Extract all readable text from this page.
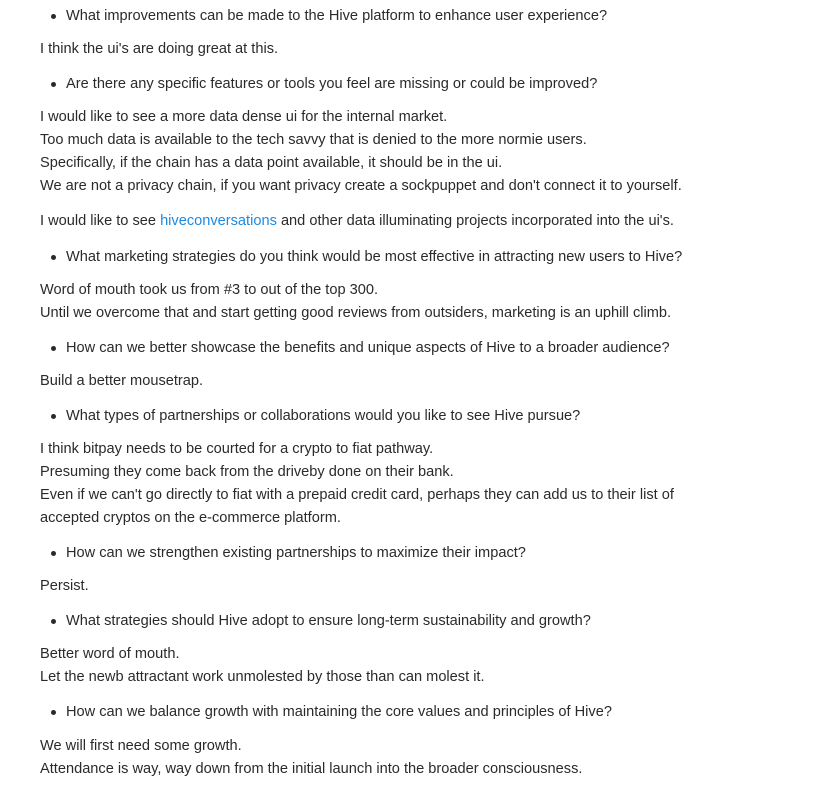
What improvements can be made to the Hive platform to enhance user experience?
I think the ui's are doing great at this.
Are there any specific features or tools you feel are missing or could be improved?
I would like to see a more data dense ui for the internal market.
Too much data is available to the tech savvy that is denied to the more normie users.
Specifically, if the chain has a data point available, it should be in the ui.
We are not a privacy chain, if you want privacy create a sockpuppet and don't connect it to yourself.
I would like to see hiveconversations and other data illuminating projects incorporated into the ui's.
What marketing strategies do you think would be most effective in attracting new users to Hive?
Word of mouth took us from #3 to out of the top 300.
Until we overcome that and start getting good reviews from outsiders, marketing is an uphill climb.
How can we better showcase the benefits and unique aspects of Hive to a broader audience?
Build a better mousetrap.
What types of partnerships or collaborations would you like to see Hive pursue?
I think bitpay needs to be courted for a crypto to fiat pathway.
Presuming they come back from the driveby done on their bank.
Even if we can't go directly to fiat with a prepaid credit card, perhaps they can add us to their list of
accepted cryptos on the e-commerce platform.
How can we strengthen existing partnerships to maximize their impact?
Persist.
What strategies should Hive adopt to ensure long-term sustainability and growth?
Better word of mouth.
Let the newb attractant work unmolested by those than can molest it.
How can we balance growth with maintaining the core values and principles of Hive?
We will first need some growth.
Attendance is way, way down from the initial launch into the broader consciousness.
